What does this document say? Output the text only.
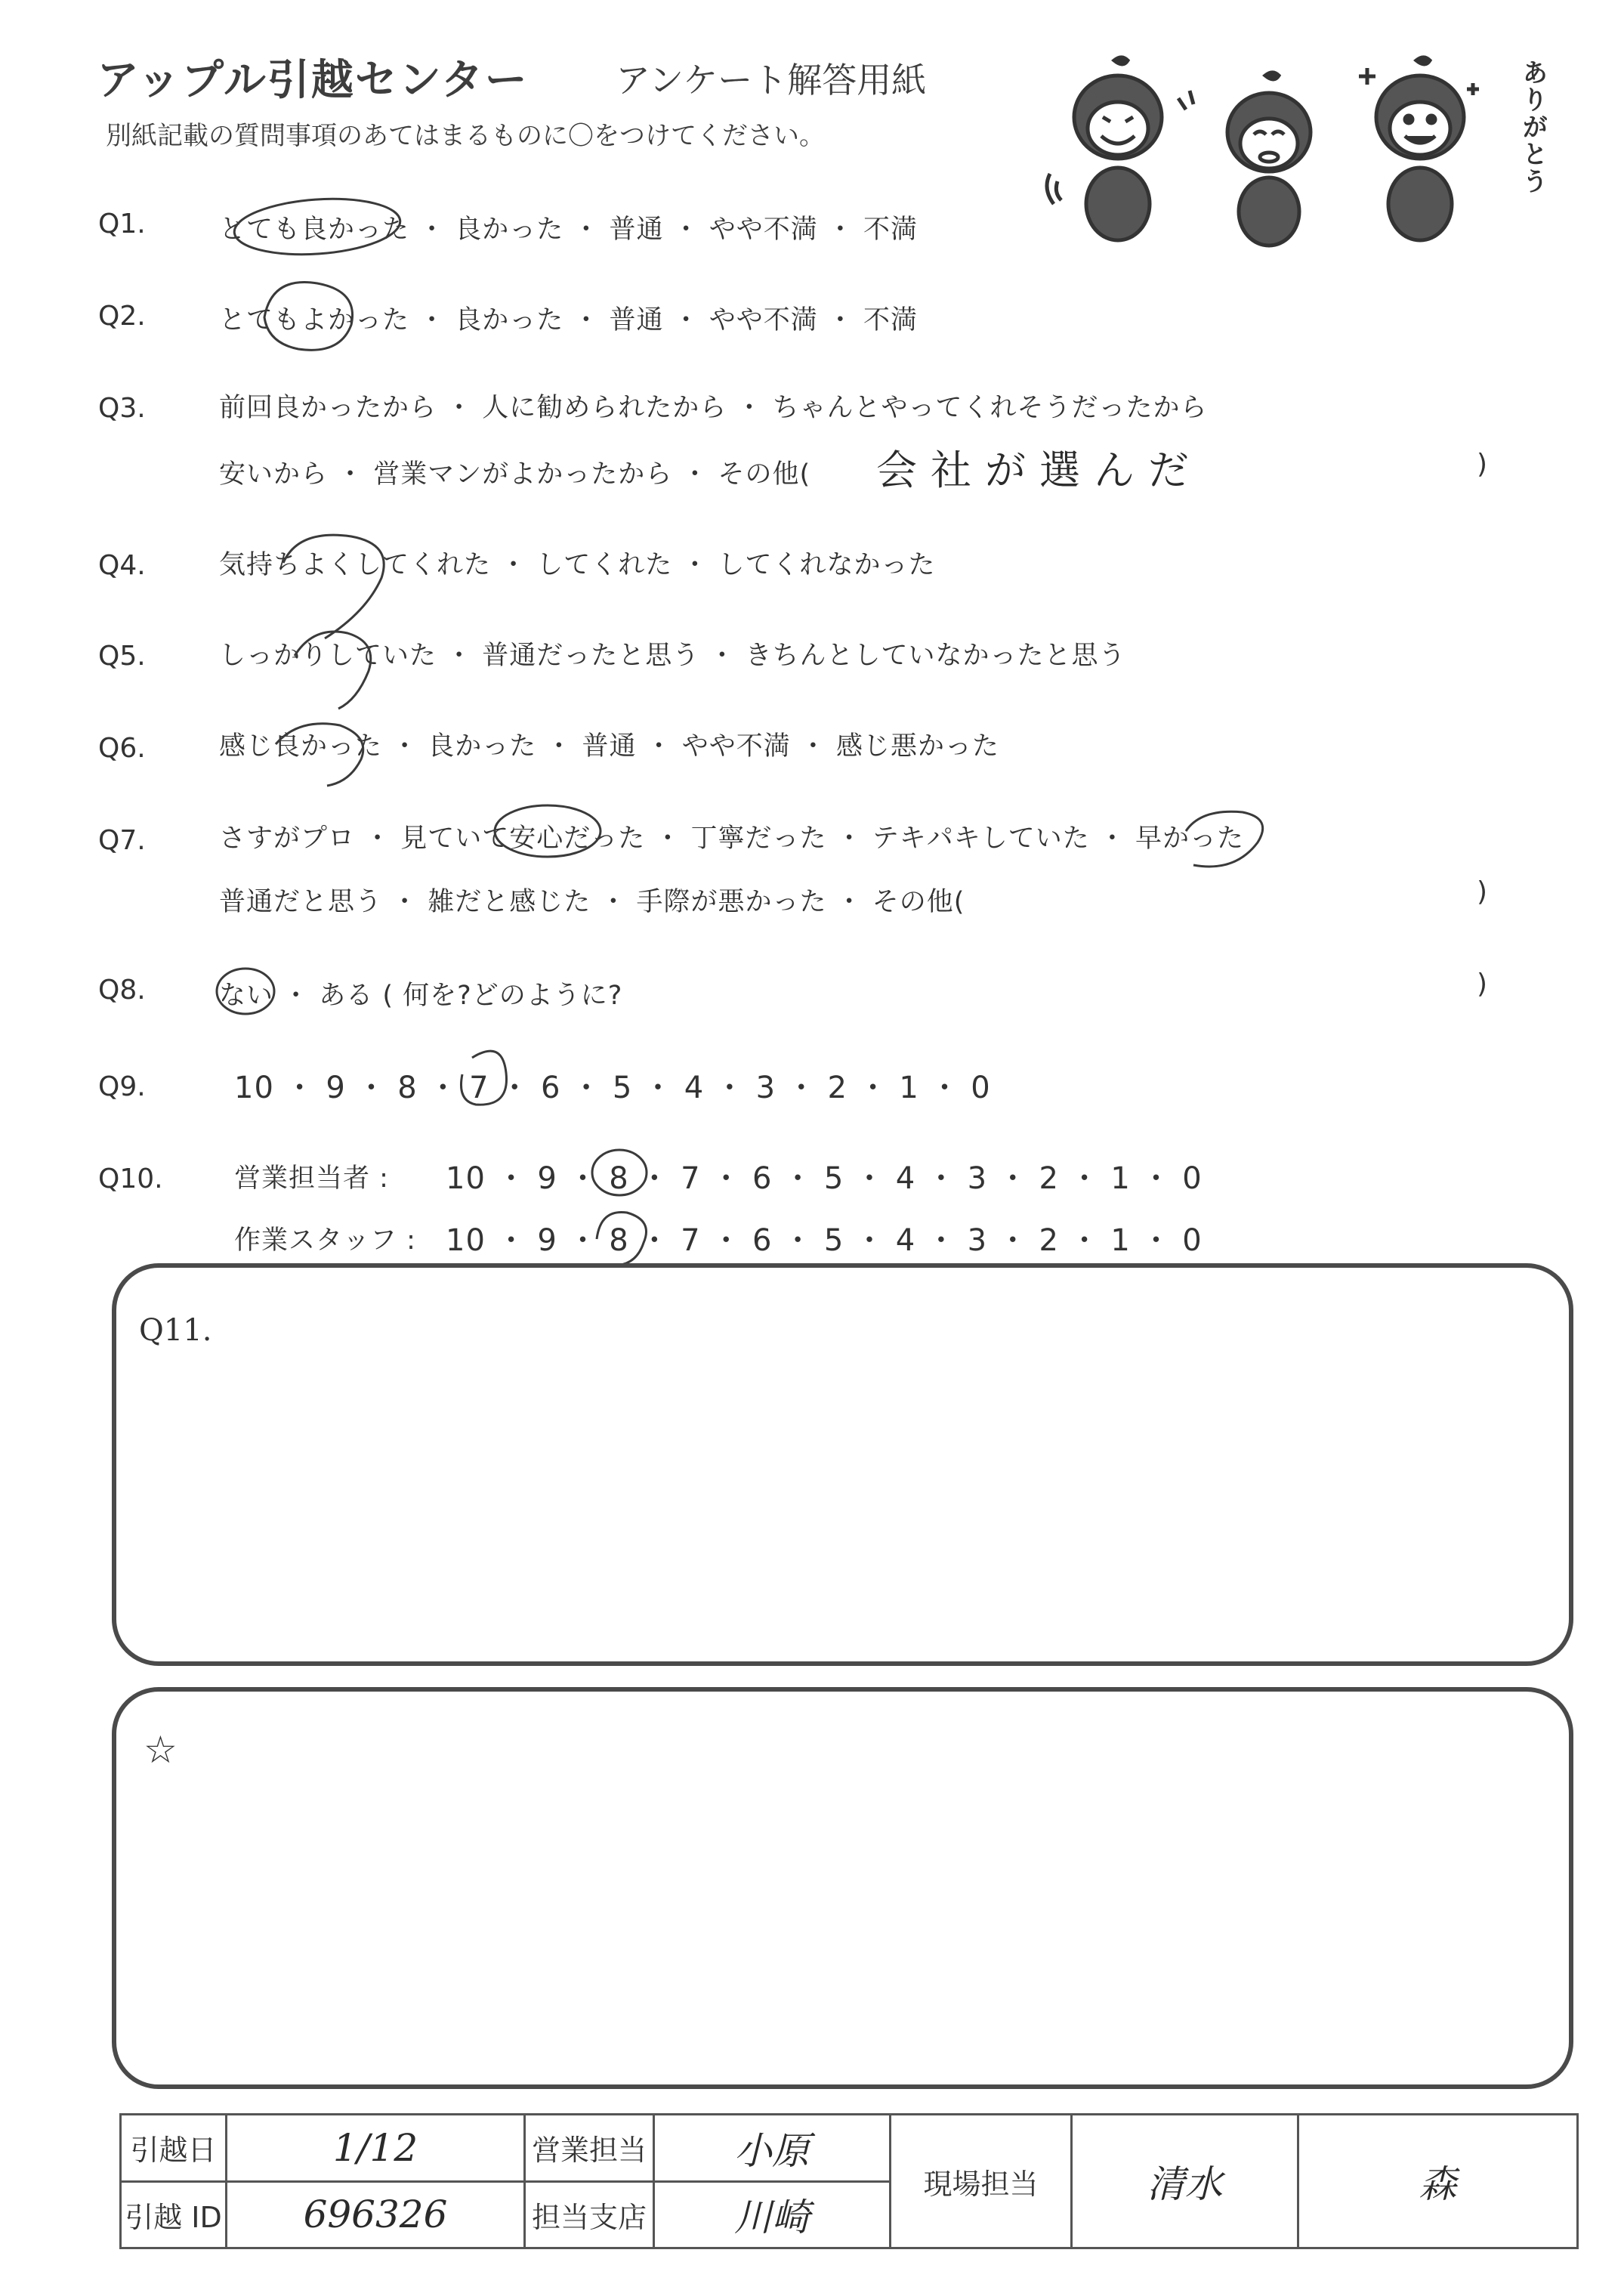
アップル引越センター	アンケート解答用紙
別紙記載の質問事項のあてはまるものに〇をつけてください。	ありがとう
Q1.	とても良かった ・ 良かった ・ 普通 ・ やや不満 ・ 不満
Q2.	とてもよかった ・ 良かった ・ 普通 ・ やや不満 ・ 不満
Q3.	前回良かったから ・ 人に勧められたから ・ ちゃんとやってくれそうだったから
安いから ・ 営業マンがよかったから ・ その他( 会社が選んだ	)
Q4.	気持ちよくしてくれた ・ してくれた ・ してくれなかった
Q5.	しっかりしていた ・ 普通だったと思う ・ きちんとしていなかったと思う
Q6.	感じ良かった ・ 良かった ・ 普通 ・ やや不満 ・ 感じ悪かった
Q7.	さすがプロ ・ 見ていて安心だった ・ 丁寧だった ・ テキパキしていた ・ 早かった
普通だと思う ・ 雑だと感じた ・ 手際が悪かった ・ その他(	)
Q8.	ない ・ ある ( 何を?どのように?	)
Q9.	10 ・ 9 ・ 8 ・ 7 ・ 6 ・ 5 ・ 4 ・ 3 ・ 2 ・ 1 ・ 0
Q10.	営業担当者 : 10 ・ 9 ・ 8 ・ 7 ・ 6 ・ 5 ・ 4 ・ 3 ・ 2 ・ 1 ・ 0
作業スタッフ : 10 ・ 9 ・ 8 ・ 7 ・ 6 ・ 5 ・ 4 ・ 3 ・ 2 ・ 1 ・ 0
Q11.
☆
引越日	1/12	営業担当	小原	現場担当	清水	森
引越 ID	696326	担当支店	川崎			
